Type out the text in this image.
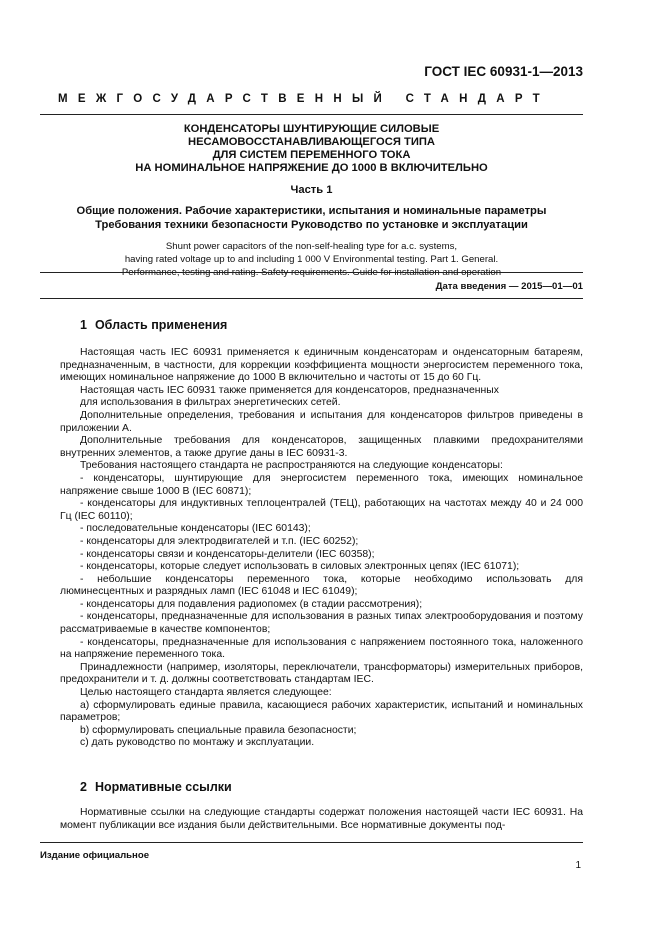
ГОСТ IEC 60931-1—2013
МЕЖГОСУДАРСТВЕННЫЙ СТАНДАРТ
КОНДЕНСАТОРЫ ШУНТИРУЮЩИЕ СИЛОВЫЕ
НЕСАМОВОССТАНАВЛИВАЮЩЕГОСЯ ТИПА
ДЛЯ СИСТЕМ ПЕРЕМЕННОГО ТОКА
НА НОМИНАЛЬНОЕ НАПРЯЖЕНИЕ ДО 1000 В ВКЛЮЧИТЕЛЬНО
Часть 1
Общие положения. Рабочие характеристики, испытания и номинальные параметры
Требования техники безопасности Руководство по установке и эксплуатации
Shunt power capacitors of the non-self-healing type for a.c. systems,
having rated voltage up to and including 1 000 V Environmental testing. Part 1. General.
Performance, testing and rating. Safety requirements. Guide for installation and operation
Дата введения — 2015—01—01
1 Область применения

Настоящая часть IEC 60931 применяется к единичным конденсаторам и онденсаторным батареям, предназначенным, в частности, для коррекции коэффициента мощности энергосистем переменного тока, имеющих номинальное напряжение до 1000 В включительно и частоты от 15 до 60 Гц.

Настоящая часть IEC 60931 также применяется для конденсаторов, предназначенных

для использования в фильтрах энергетических сетей.

Дополнительные определения, требования и испытания для конденсаторов фильтров приведены в приложении А.

Дополнительные требования для конденсаторов, защищенных плавкими предохранителями внутренних элементов, а также другие даны в IEC 60931-3.

Требования настоящего стандарта не распространяются на следующие конденсаторы:

- конденсаторы, шунтирующие для энергосистем переменного тока, имеющих номинальное напряжение свыше 1000 В (IEC 60871);

- конденсаторы для индуктивных теплоцентралей (ТЕЦ), работающих на частотах между 40 и 24 000 Гц (IEC 60110);

- последовательные конденсаторы (IEC 60143);

- конденсаторы для электродвигателей и т.п. (IEC 60252);

- конденсаторы связи и конденсаторы-делители (IEC 60358);

- конденсаторы, которые следует использовать в силовых электронных цепях (IEC 61071);

- небольшие конденсаторы переменного тока, которые необходимо использовать для люминесцентных и разрядных ламп (IEC 61048 и IEC 61049);

- конденсаторы для подавления радиопомех (в стадии рассмотрения);

- конденсаторы, предназначенные для использования в разных типах электрооборудования и поэтому рассматриваемые в качестве компонентов;

- конденсаторы, предназначенные для использования с напряжением постоянного тока, наложенного на напряжение переменного тока.

Принадлежности (например, изоляторы, переключатели, трансформаторы) измерительных приборов, предохранители и т. д. должны соответствовать стандартам IEC.

Целью настоящего стандарта является следующее:

а) сформулировать единые правила, касающиеся рабочих характеристик, испытаний и номинальных параметров;

b) сформулировать специальные правила безопасности;

с) дать руководство по монтажу и эксплуатации.

2 Нормативные ссылки

Нормативные ссылки на следующие стандарты содержат положения настоящей части IEC 60931. На момент публикации все издания были действительными. Все нормативные документы под-

Издание официальное
1
